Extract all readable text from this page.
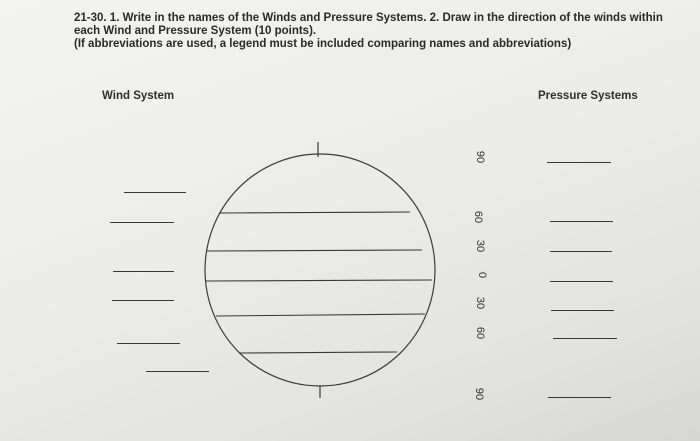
21-30. 1. Write in the names of the Winds and Pressure Systems. 2. Draw in the direction of the winds within
each Wind and Pressure System (10 points).
(If abbreviations are used, a legend must be included comparing names and abbreviations)
Wind System	Pressure Systems
90
60
30
0
30
60
90
